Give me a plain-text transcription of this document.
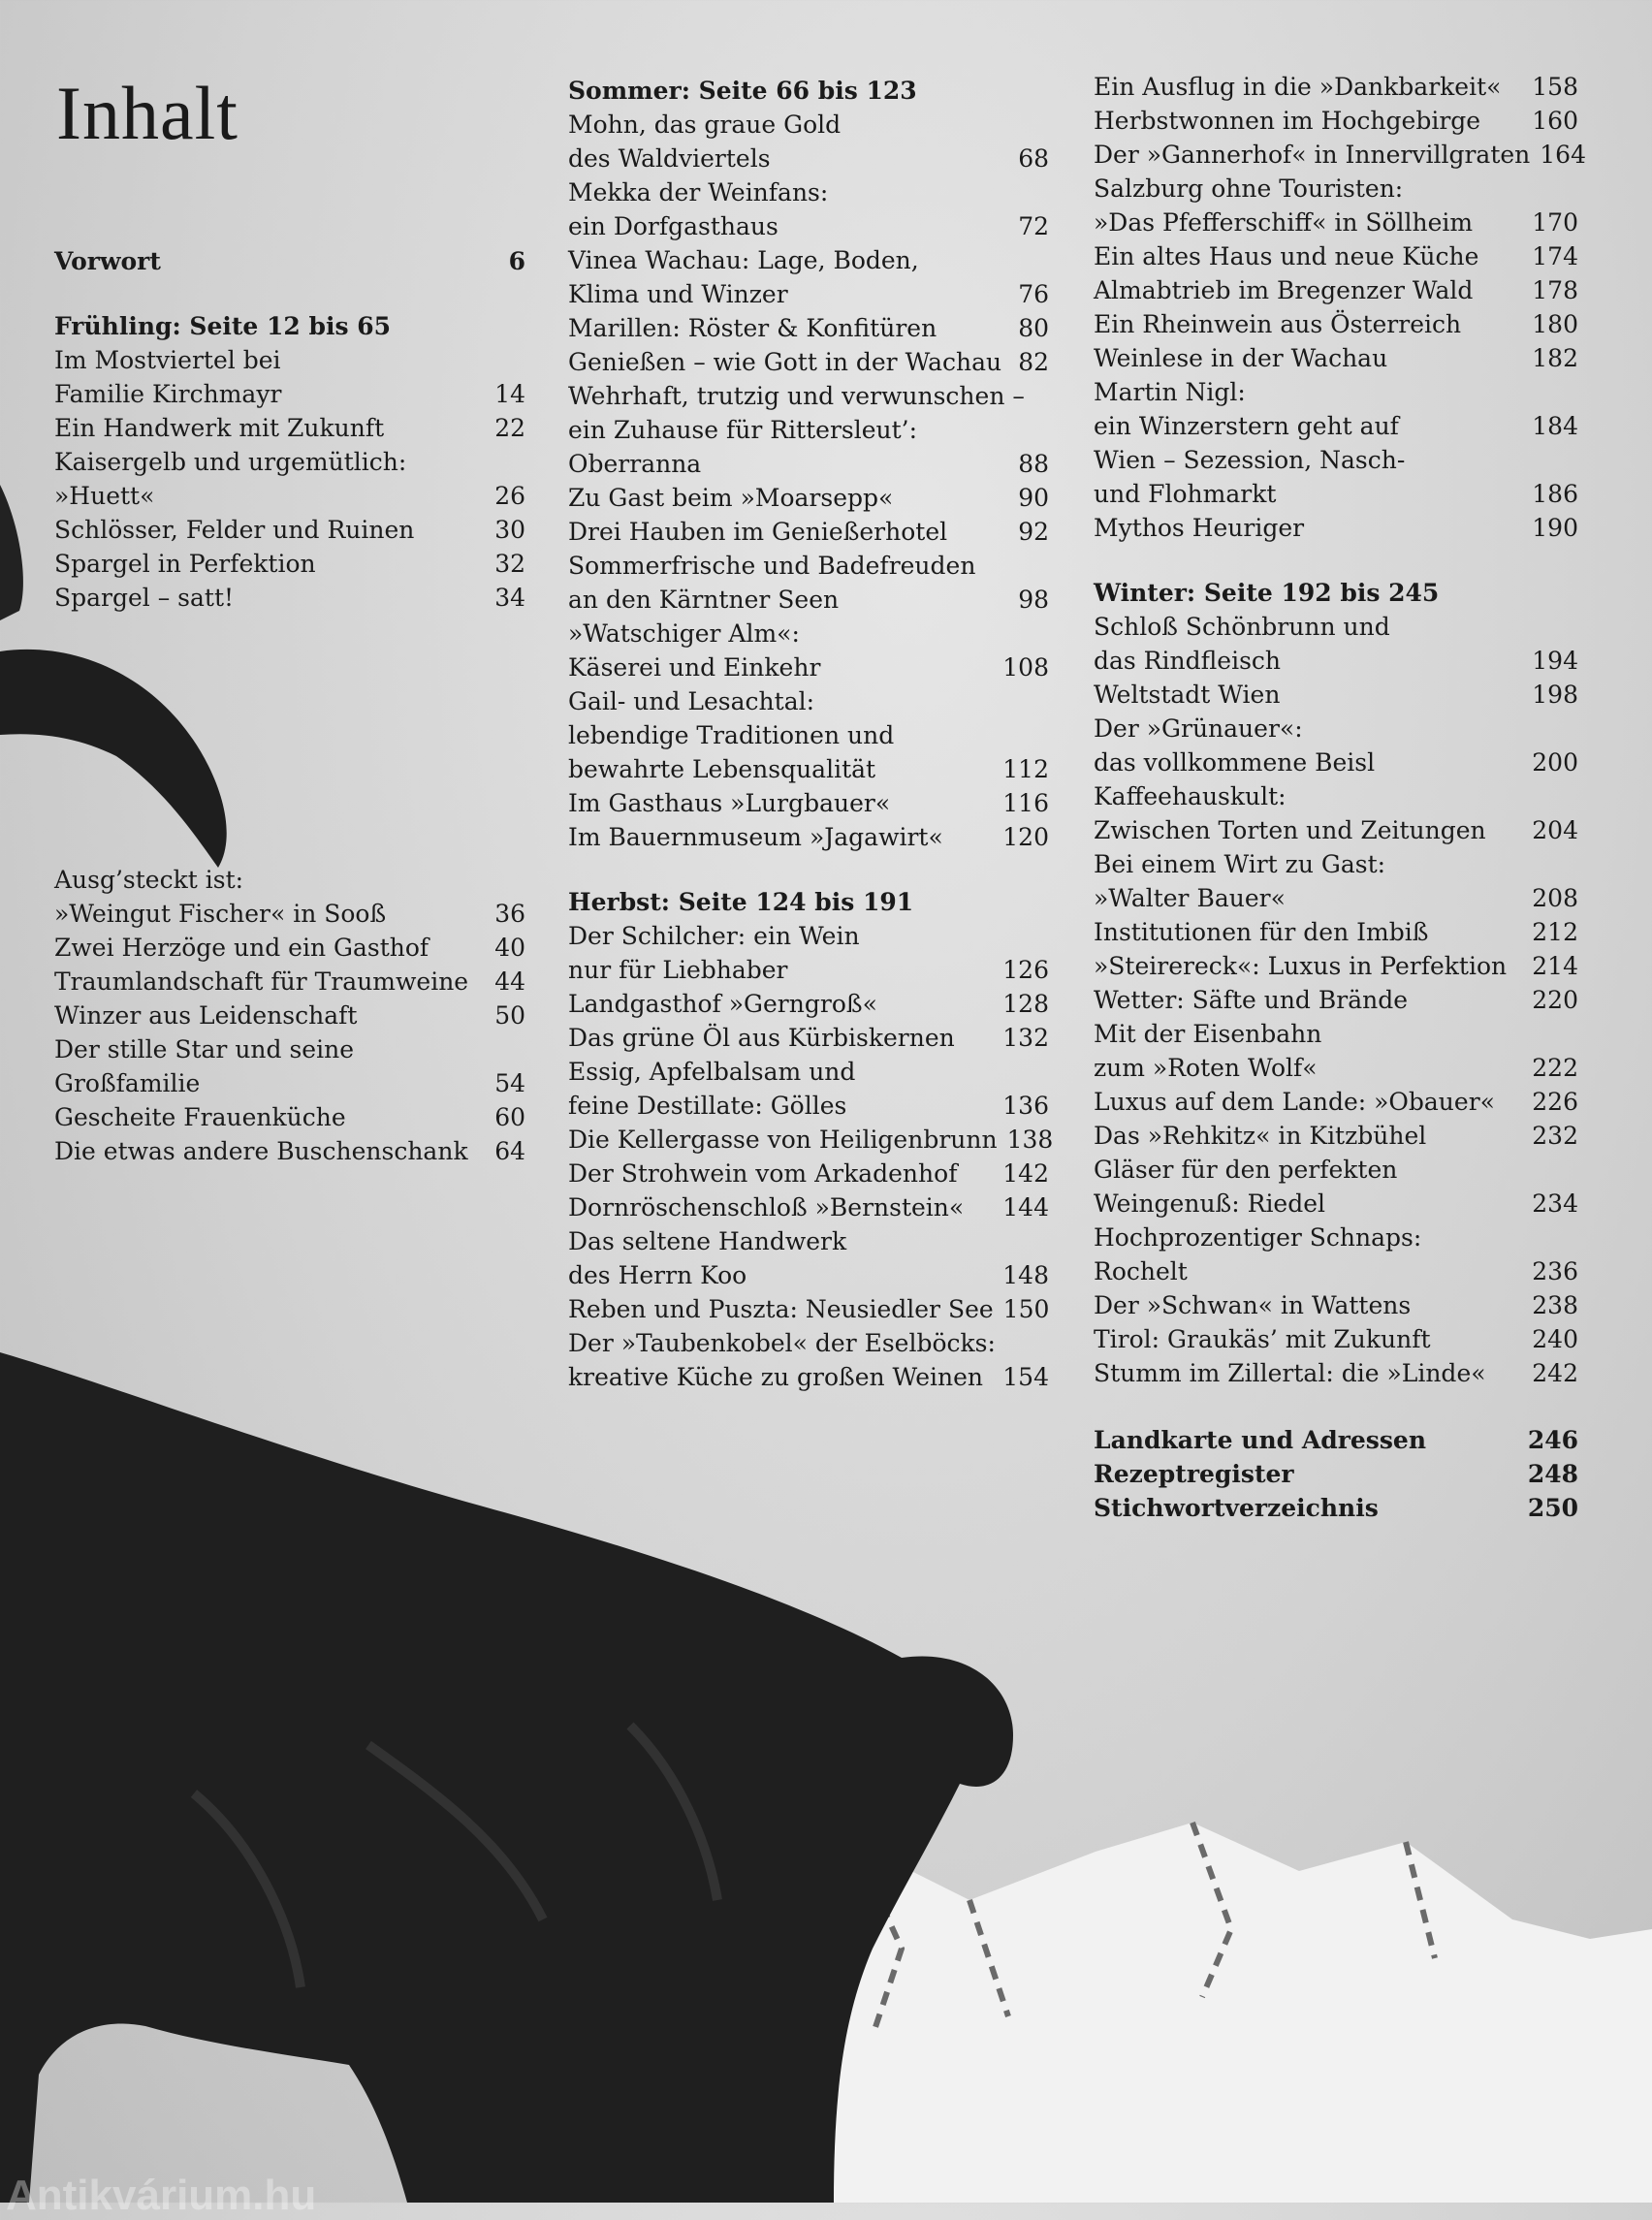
Inhalt
Vorwort	6
Frühling: Seite 12 bis 65
Im Mostviertel bei
Familie Kirchmayr	14
Ein Handwerk mit Zukunft	22
Kaisergelb und urgemütlich:
»Huett«	26
Schlösser, Felder und Ruinen	30
Spargel in Perfektion	32
Spargel – satt!	34
Ausg’steckt ist:
»Weingut Fischer« in Sooß	36
Zwei Herzöge und ein Gasthof	40
Traumlandschaft für Traumweine	44
Winzer aus Leidenschaft	50
Der stille Star und seine
Großfamilie	54
Gescheite Frauenküche	60
Die etwas andere Buschenschank	64
Sommer: Seite 66 bis 123
Mohn, das graue Gold
des Waldviertels	68
Mekka der Weinfans:
ein Dorfgasthaus	72
Vinea Wachau: Lage, Boden,
Klima und Winzer	76
Marillen: Röster & Konfitüren	80
Genießen – wie Gott in der Wachau 82
Wehrhaft, trutzig und verwunschen –
ein Zuhause für Rittersleut’:
Oberranna	88
Zu Gast beim »Moarsepp«	90
Drei Hauben im Genießerhotel	92
Sommerfrische und Badefreuden
an den Kärntner Seen	98
»Watschiger Alm«:
Käserei und Einkehr	108
Gail- und Lesachtal:
lebendige Traditionen und
bewahrte Lebensqualität	112
Im Gasthaus »Lurgbauer«	116
Im Bauernmuseum »Jagawirt«	120
Herbst: Seite 124 bis 191
Der Schilcher: ein Wein
nur für Liebhaber	126
Landgasthof »Gerngroß«	128
Das grüne Öl aus Kürbiskernen	132
Essig, Apfelbalsam und
feine Destillate: Gölles	136
Die Kellergasse von Heiligenbrunn 138
Der Strohwein vom Arkadenhof	142
Dornröschenschloß »Bernstein«	144
Das seltene Handwerk
des Herrn Koo	148
Reben und Puszta: Neusiedler See 150
Der »Taubenkobel« der Eselböcks:
kreative Küche zu großen Weinen 154
Ein Ausflug in die »Dankbarkeit«	158
Herbstwonnen im Hochgebirge	160
Der »Gannerhof« in Innervillgraten 164
Salzburg ohne Touristen:
»Das Pfefferschiff« in Söllheim	170
Ein altes Haus und neue Küche	174
Almabtrieb im Bregenzer Wald	178
Ein Rheinwein aus Österreich	180
Weinlese in der Wachau	182
Martin Nigl:
ein Winzerstern geht auf	184
Wien – Sezession, Nasch-
und Flohmarkt	186
Mythos Heuriger	190
Winter: Seite 192 bis 245
Schloß Schönbrunn und
das Rindfleisch	194
Weltstadt Wien	198
Der »Grünauer«:
das vollkommene Beisl	200
Kaffeehauskult:
Zwischen Torten und Zeitungen	204
Bei einem Wirt zu Gast:
»Walter Bauer«	208
Institutionen für den Imbiß	212
»Steirereck«: Luxus in Perfektion	214
Wetter: Säfte und Brände	220
Mit der Eisenbahn
zum »Roten Wolf«	222
Luxus auf dem Lande: »Obauer«	226
Das »Rehkitz« in Kitzbühel	232
Gläser für den perfekten
Weingenuß: Riedel	234
Hochprozentiger Schnaps:
Rochelt	236
Der »Schwan« in Wattens	238
Tirol: Graukäs’ mit Zukunft	240
Stumm im Zillertal: die »Linde«	242
Landkarte und Adressen	246
Rezeptregister	248
Stichwortverzeichnis	250
Antikvárium.hu
